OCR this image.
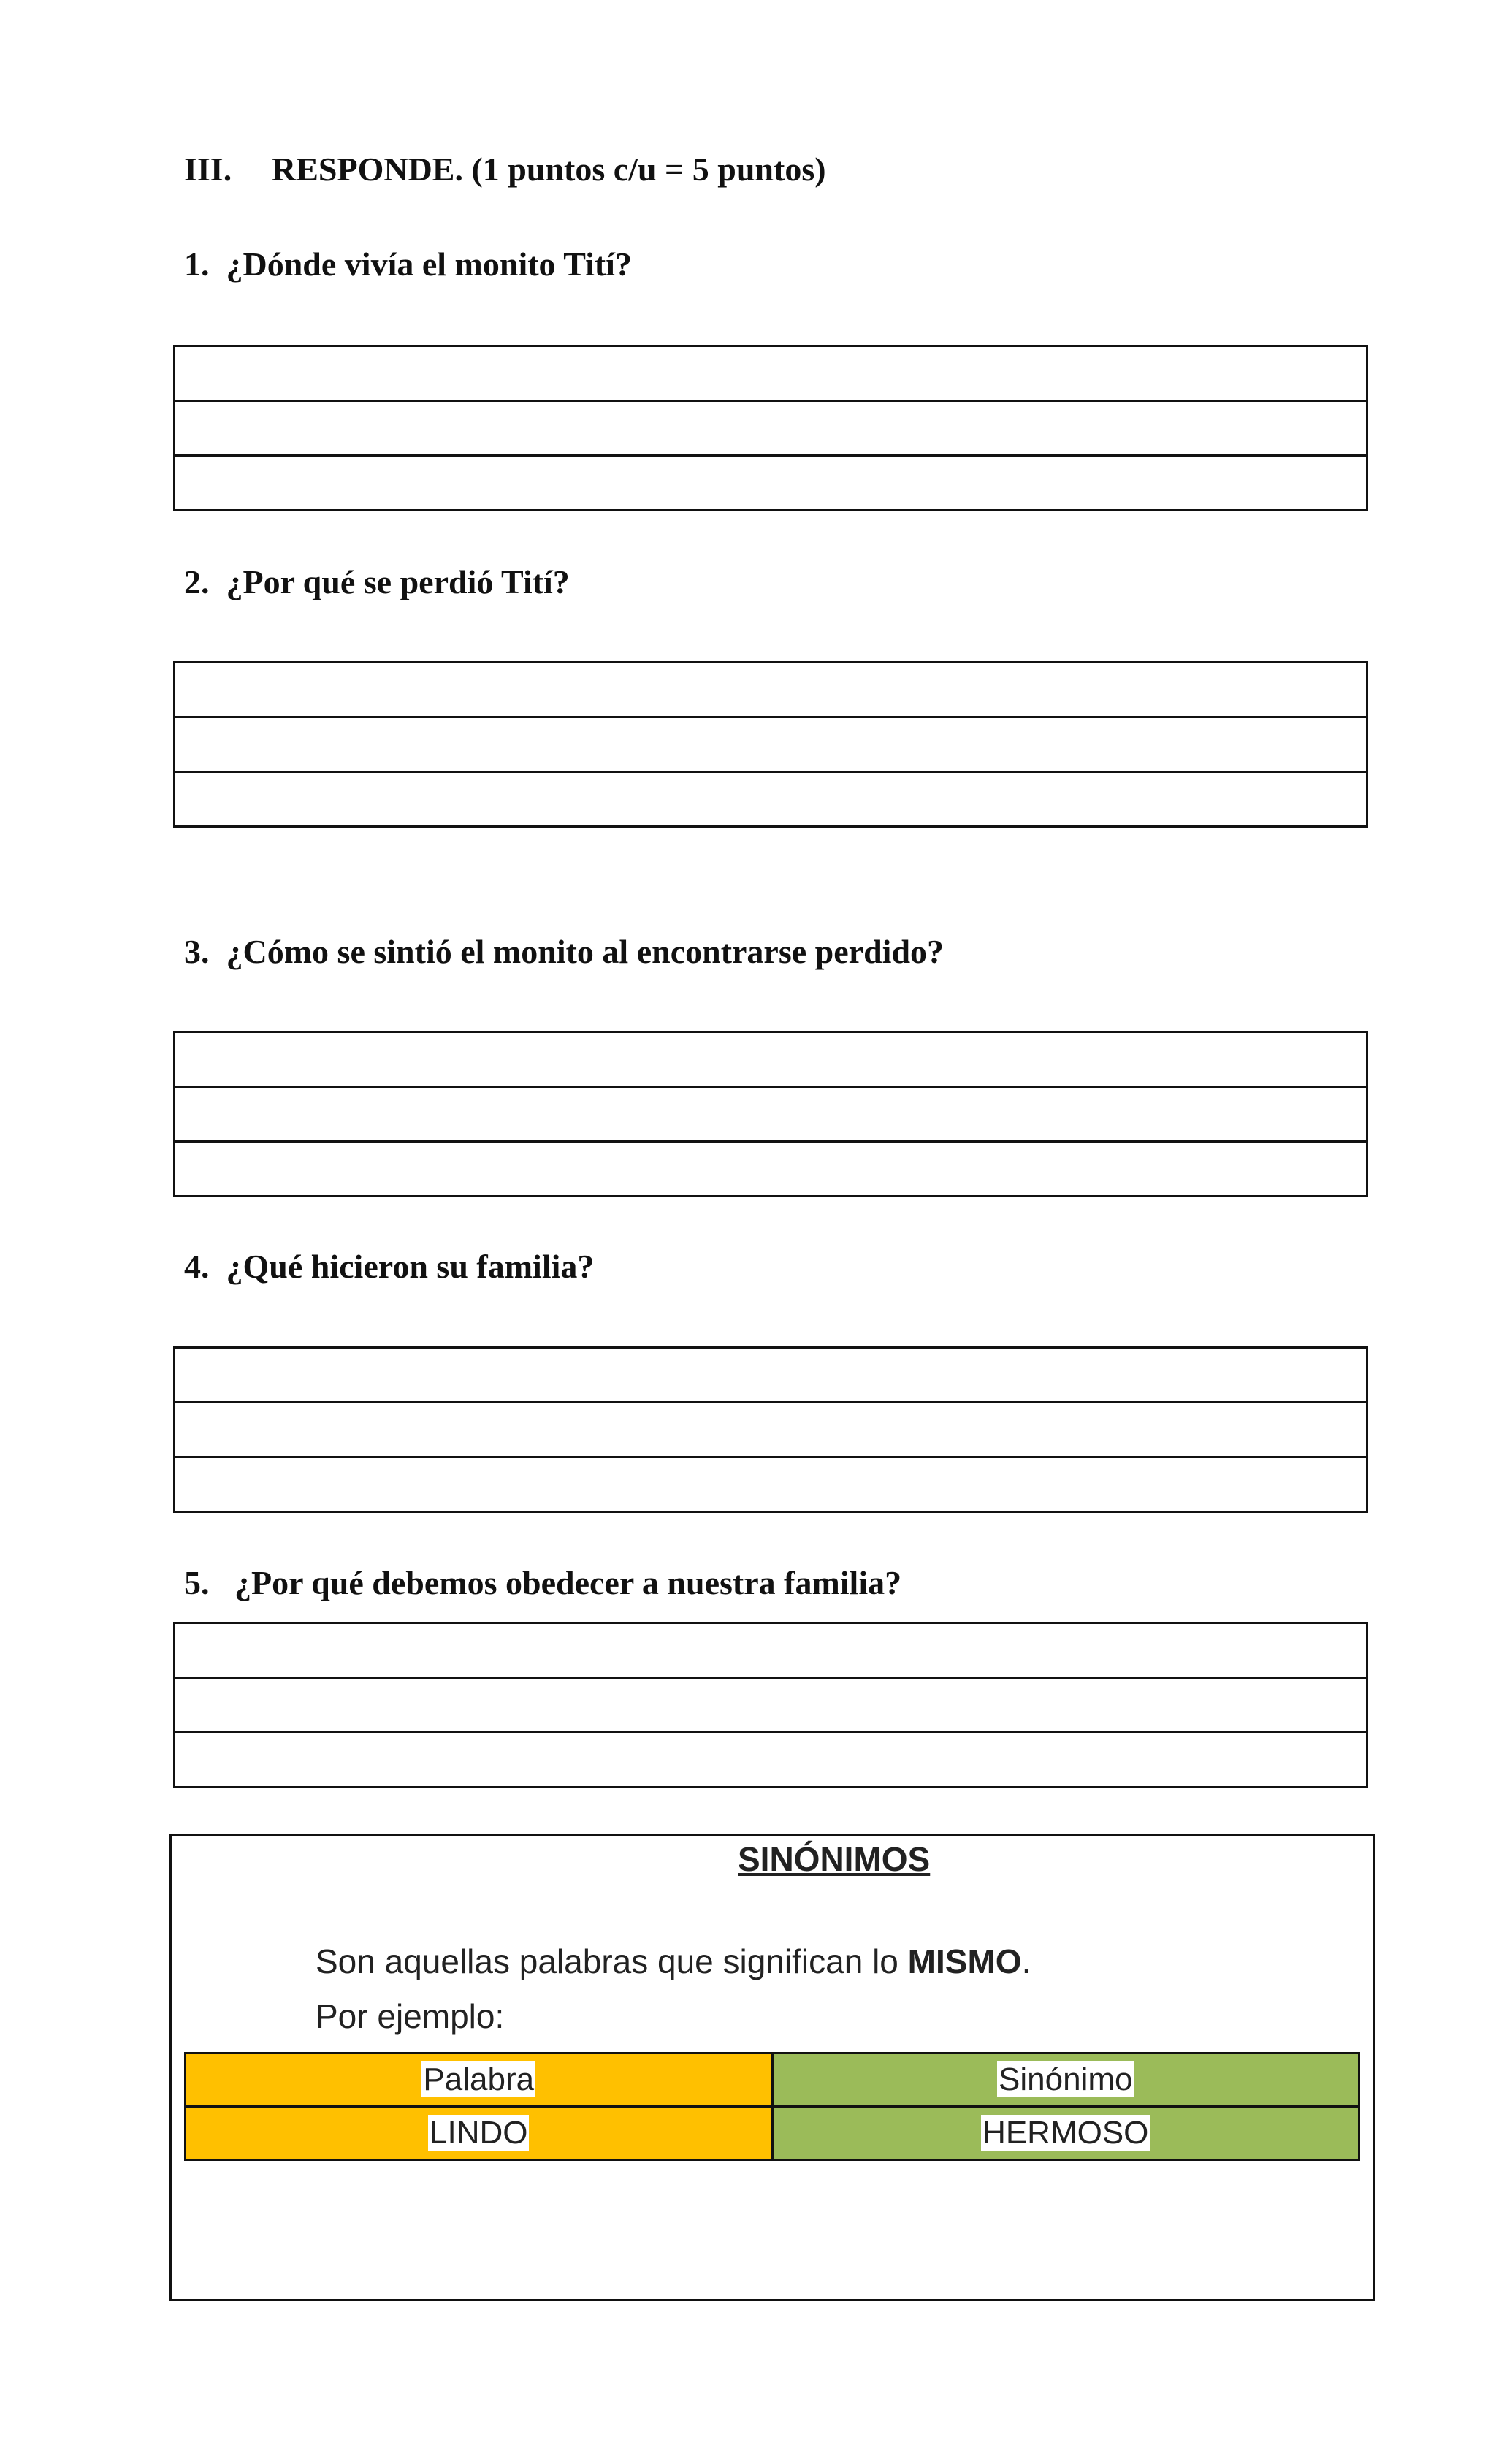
III. RESPONDE. (1 puntos c/u = 5 puntos)
1. ¿Dónde vivía el monito Tití?
2. ¿Por qué se perdió Tití?
3. ¿Cómo se sintió el monito al encontrarse perdido?
4. ¿Qué hicieron su familia?
5. ¿Por qué debemos obedecer a nuestra familia?
SINÓNIMOS
Son aquellas palabras que significan lo MISMO.
Por ejemplo:
Palabra	Sinónimo
LINDO	HERMOSO
